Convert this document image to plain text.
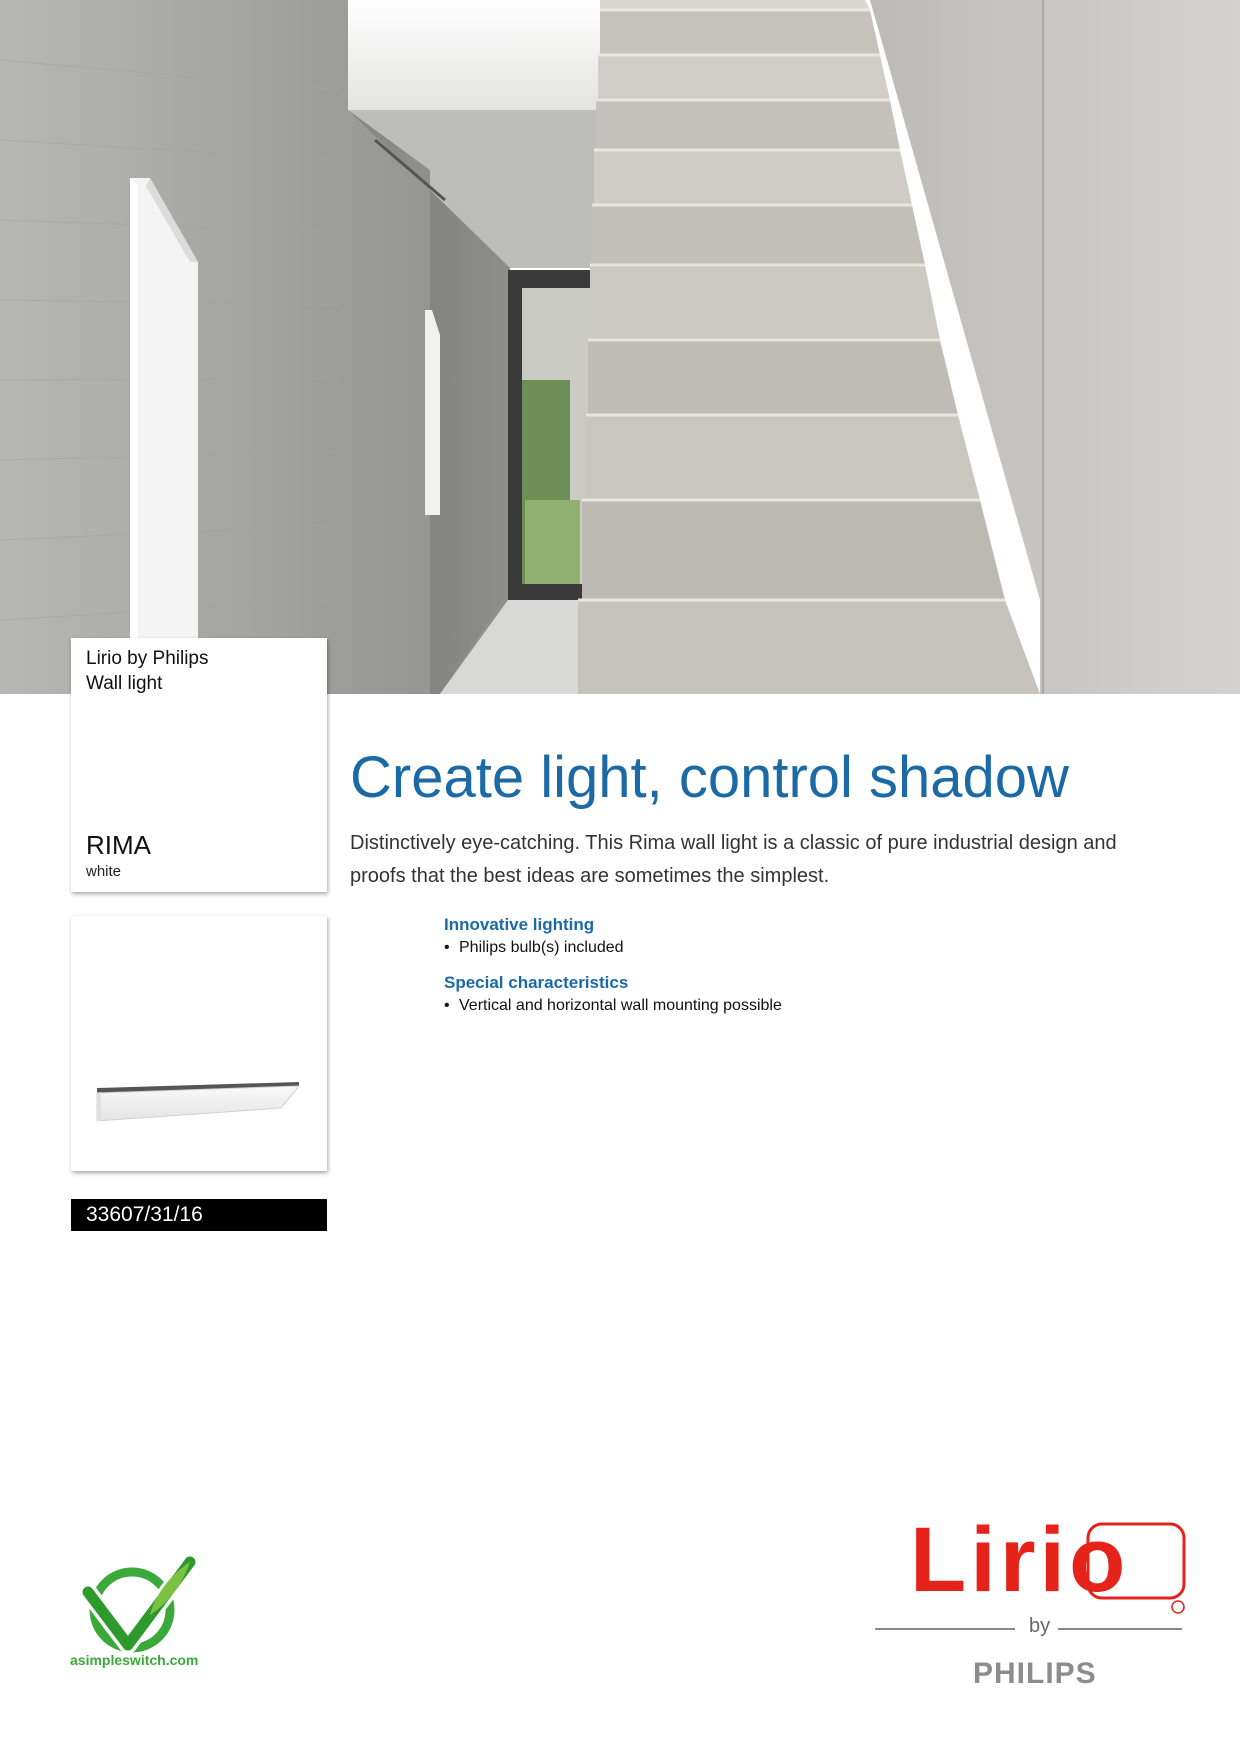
Lirio by Philips
Wall light
RIMA
white
33607/31/16
Create light, control shadow
Distinctively eye-catching. This Rima wall light is a classic of pure industrial design and proofs that the best ideas are sometimes the simplest.
Innovative lighting
• Philips bulb(s) included
Special characteristics
• Vertical and horizontal wall mounting possible
asimpleswitch.com
Lirio
by
PHILIPS
